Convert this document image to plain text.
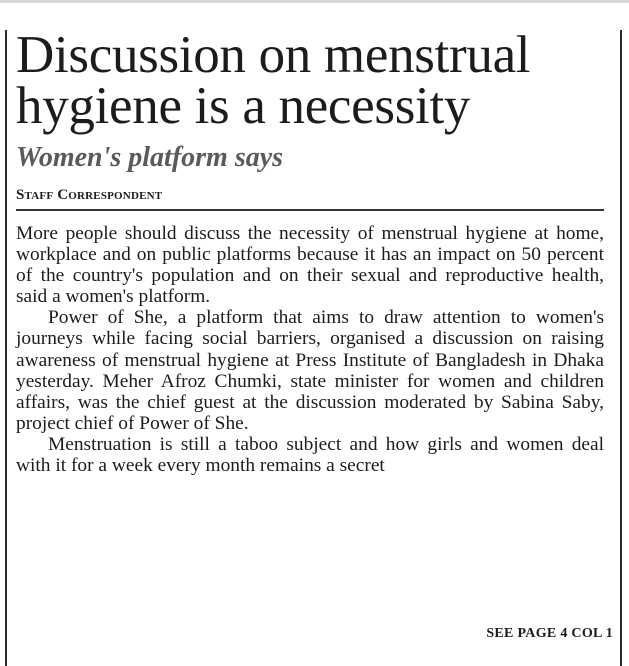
Discussion on menstrual hygiene is a necessity
Women's platform says
Staff Correspondent

More people should discuss the necessity of menstrual hygiene at home, workplace and on public platforms because it has an impact on 50 percent of the country's population and on their sexual and reproductive health, said a women's platform.

Power of She, a platform that aims to draw attention to women's journeys while facing social barriers, organised a discussion on raising awareness of menstrual hygiene at Press Institute of Bangladesh in Dhaka yesterday. Meher Afroz Chumki, state minister for women and children affairs, was the chief guest at the discussion moderated by Sabina Saby, project chief of Power of She.

Menstruation is still a taboo subject and how girls and women deal with it for a week every month remains a secret

SEE PAGE 4 COL 1
